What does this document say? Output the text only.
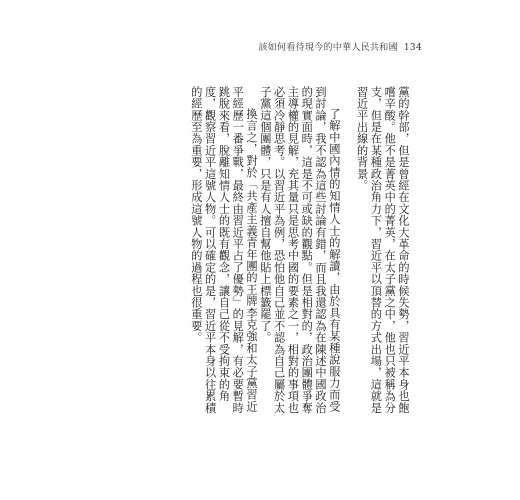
該如何看待現今的中華人民共和國 134

黨的幹部，但是曾經在文化大革命的時候失勢，習近平本身也飽嚐辛酸。他不是菁英中的菁英，在太子黨之中，他也只被稱為分支，但是在某種政治角力下，習近平以頂替的方式出場，這就是習近平出線的背景。

了解中國內情的知情人士的解讀，由於具有某種說服力而受到討論，我不認為這些討論有錯，而且我還認為在陳述中國政治的現實面時，這是不可或缺的觀點。但是相對的，政治團體爭奪主導權的見解，充其量只是思考中國的要素之一，相對的事項也必須冷靜思考。以習近平為例，恐怕他自己並不認為自己屬於太子黨這個團體，只是有人擅自幫他貼上標籤罷了。

換言之，對於「共產主義青年團的王牌李克強和太子黨習近平經歷一番爭戰，最終由習近平占了優勢」的見解，有必要暫時跳脫來看，脫離知情人士的既有觀念，讓自己從不受拘束的角度，觀察習近平這號人物。可以確定的是，習近平本身以往累積的經歷至為重要，形成這號人物的過程也很重要。
